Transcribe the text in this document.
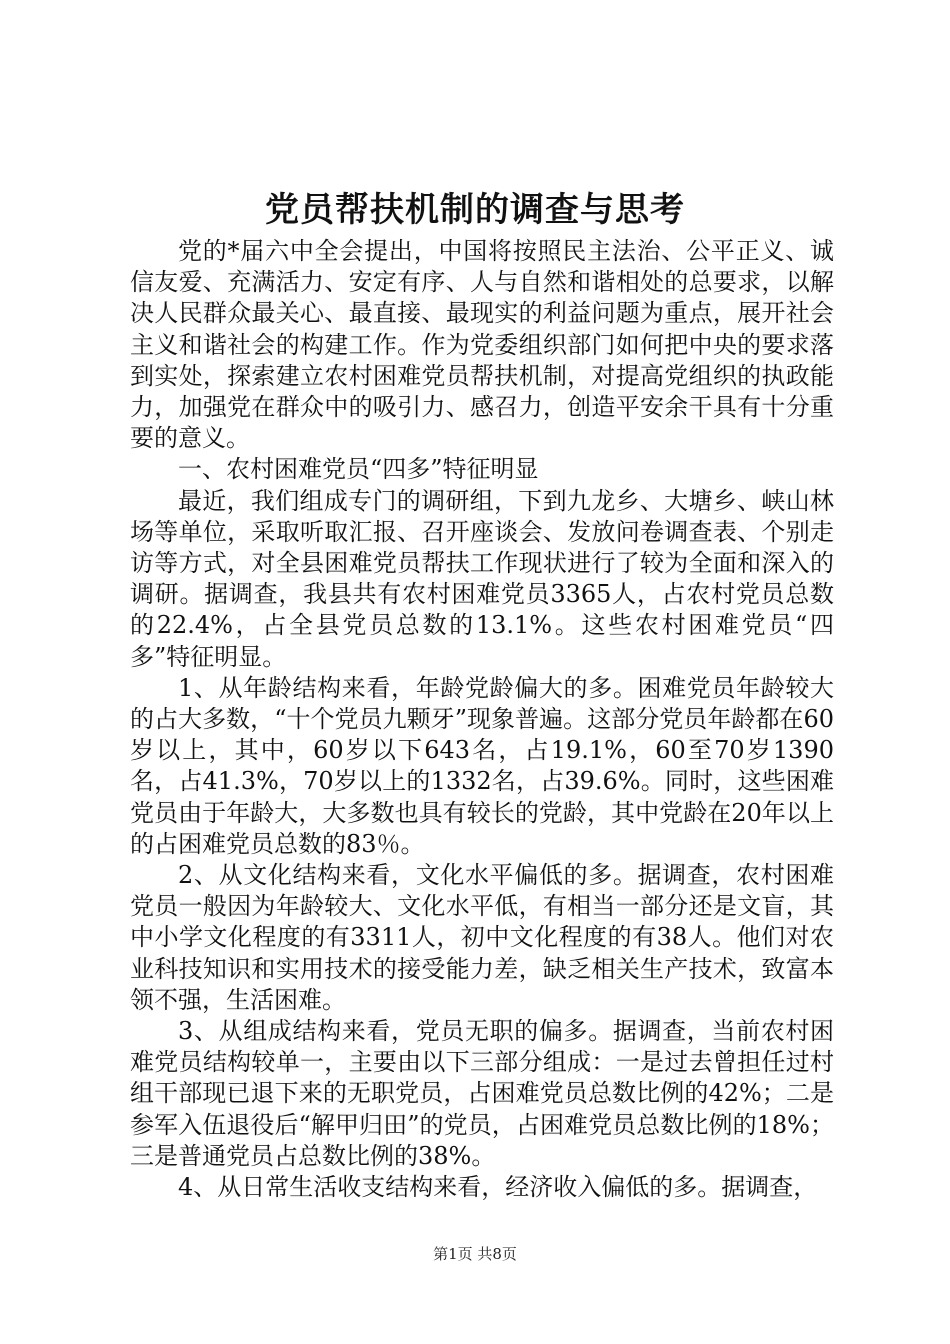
党员帮扶机制的调查与思考

党的*届六中全会提出，中国将按照民主法治、公平正义、诚信友爱、充满活力、安定有序、人与自然和谐相处的总要求，以解决人民群众最关心、最直接、最现实的利益问题为重点，展开社会主义和谐社会的构建工作。作为党委组织部门如何把中央的要求落到实处，探索建立农村困难党员帮扶机制，对提高党组织的执政能力，加强党在群众中的吸引力、感召力，创造平安余干具有十分重要的意义。

一、农村困难党员“四多”特征明显

最近，我们组成专门的调研组，下到九龙乡、大塘乡、峡山林场等单位，采取听取汇报、召开座谈会、发放问卷调查表、个别走访等方式，对全县困难党员帮扶工作现状进行了较为全面和深入的调研。据调查，我县共有农村困难党员3365人，占农村党员总数的22.4%，占全县党员总数的13.1%。这些农村困难党员“四多”特征明显。

1、从年龄结构来看，年龄党龄偏大的多。困难党员年龄较大的占大多数，“十个党员九颗牙”现象普遍。这部分党员年龄都在60岁以上，其中，60岁以下643名，占19.1%，60至70岁1390名，占41.3%，70岁以上的1332名，占39.6%。同时，这些困难党员由于年龄大，大多数也具有较长的党龄，其中党龄在20年以上的占困难党员总数的83％。

2、从文化结构来看，文化水平偏低的多。据调查，农村困难党员一般因为年龄较大、文化水平低，有相当一部分还是文盲，其中小学文化程度的有3311人，初中文化程度的有38人。他们对农业科技知识和实用技术的接受能力差，缺乏相关生产技术，致富本领不强，生活困难。

3、从组成结构来看，党员无职的偏多。据调查，当前农村困难党员结构较单一，主要由以下三部分组成：一是过去曾担任过村组干部现已退下来的无职党员，占困难党员总数比例的42%；二是参军入伍退役后“解甲归田”的党员，占困难党员总数比例的18%；三是普通党员占总数比例的38%。

4、从日常生活收支结构来看，经济收入偏低的多。据调查，

第1页 共8页
